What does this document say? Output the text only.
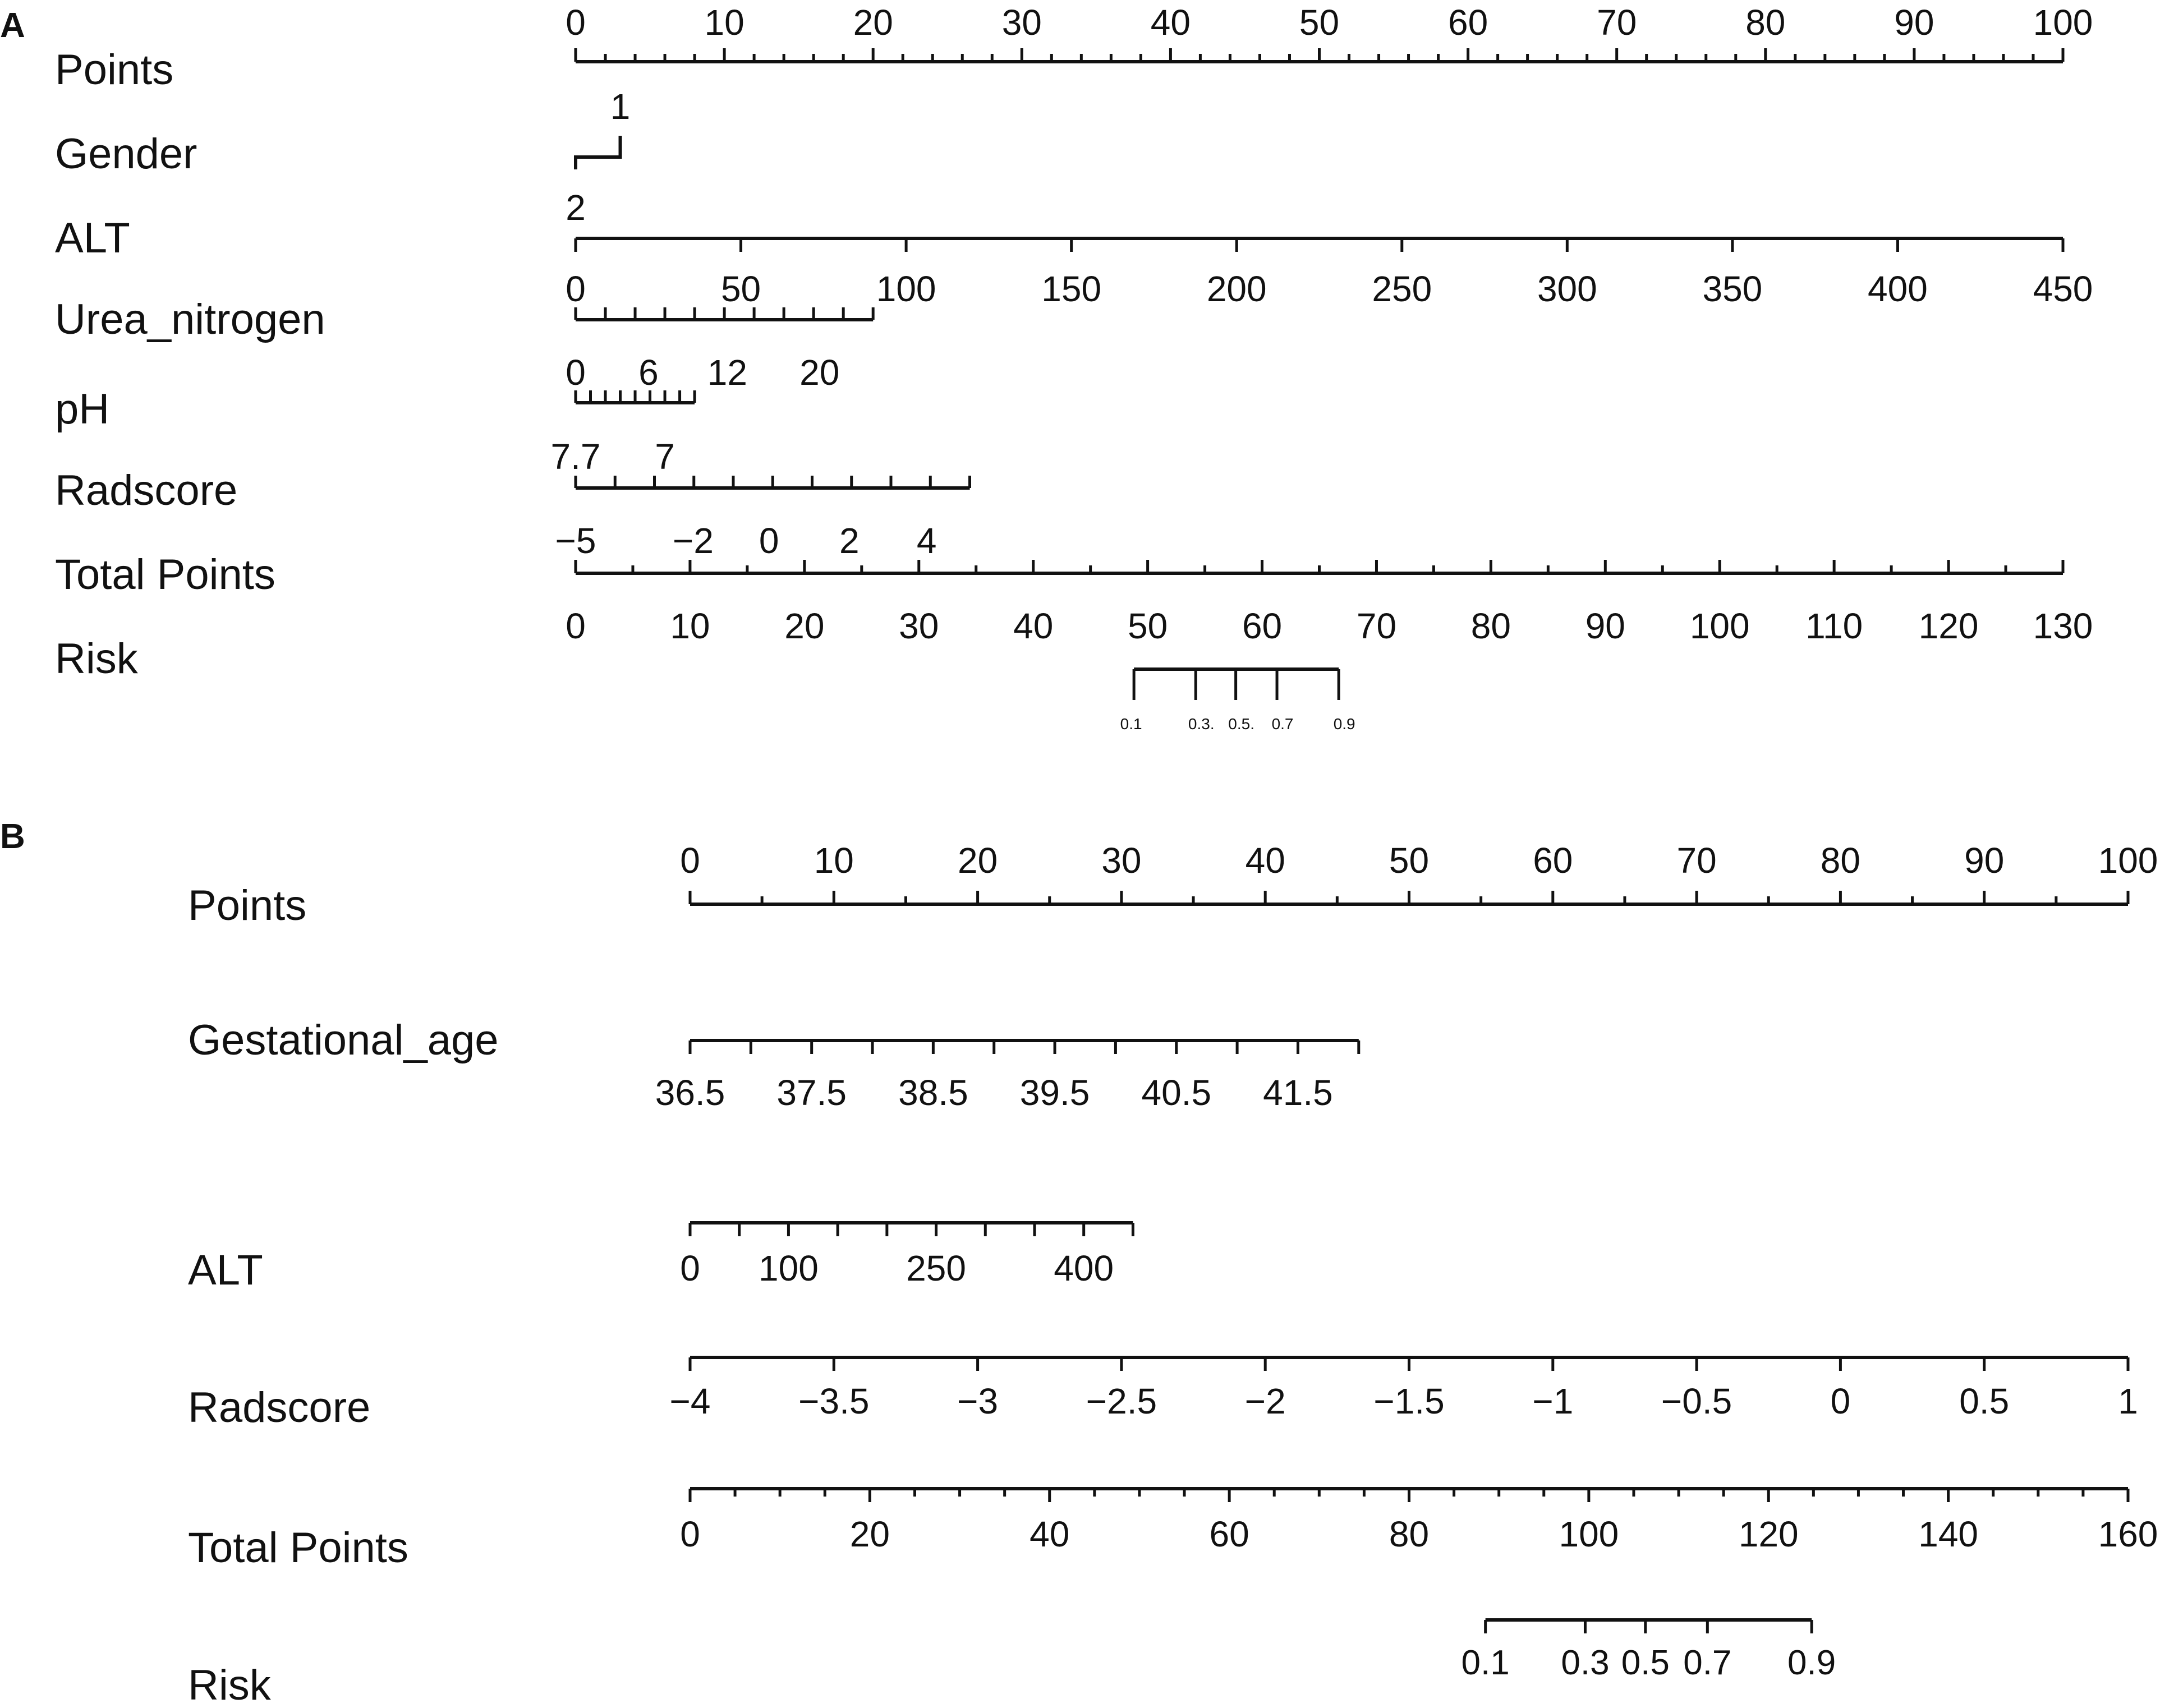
A
B
Points
Gender
ALT
Urea_nitrogen
pH
Radscore
Total Points
Risk
Points
Gestational_age
ALT
Radscore
Total Points
Risk
0	10	20	30	40	50	60	70	80	90	100
1
2
0	50	100	150	200	250	300	350	400	450
0 6 12 20
7.7 7
−5 −2 0 2 4
0 10 20 30 40 50 60 70 80 90 100 110 120 130
0.1	0.3. 0.5. 0.7	0.9
0	10	20	30	40	50	60	70	80	90	100
36.5 37.5 38.5 39.5 40.5 41.5
0 100 250 400
−4 −3.5 −3 −2.5 −2 −1.5 −1 −0.5	0	0.5	1
0	20	40	60	80	100	120	140	160
0.1 0.3 0.5 0.7 0.9
